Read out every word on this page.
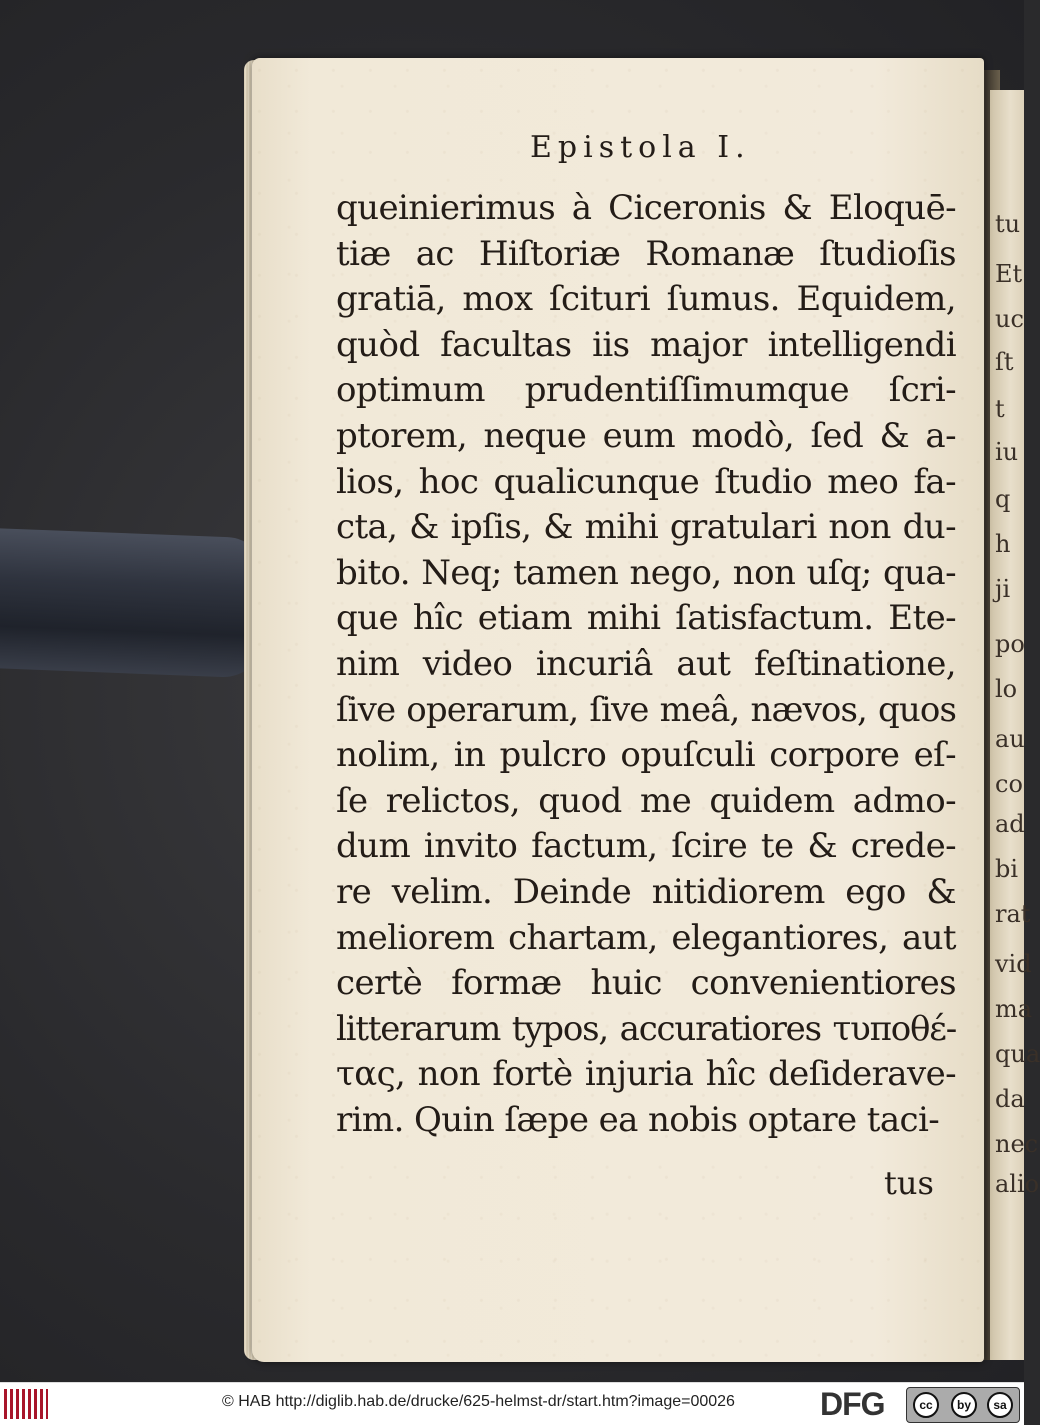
tu
Et
uc
ſt
t
iu
q
h
ji
po
lo
au
co
ad
bi
rat
vid
ma
qua
da
nec
alio
Epistola I.
queinierimus à Ciceronis & Eloquē-
tiæ ac Hiſtoriæ Romanæ ſtudioſis
gratiā, mox ſcituri ſumus. Equidem,
quòd facultas iis major intelligendi
optimum prudentiſſimumque ſcri-
ptorem, neque eum modò, ſed & a-
lios, hoc qualicunque ſtudio meo fa-
cta, & ipſis, & mihi gratulari non du-
bito. Neq; tamen nego, non uſq; qua-
que hîc etiam mihi ſatisfactum. Ete-
nim video incuriâ aut feſtinatione,
ſive operarum, ſive meâ, nævos, quos
nolim, in pulcro opuſculi corpore eſ-
ſe relictos, quod me quidem admo-
dum invito factum, ſcire te & crede-
re velim. Deinde nitidiorem ego &
meliorem chartam, elegantiores, aut
certè formæ huic convenientiores
litterarum typos, accuratiores τυποθέ-
τας, non fortè injuria hîc deſiderave-
rim. Quin ſæpe ea nobis optare taci-
tus
© HAB http://diglib.hab.de/drucke/625-helmst-dr/start.htm?image=00026	DFG	cc	by	sa
